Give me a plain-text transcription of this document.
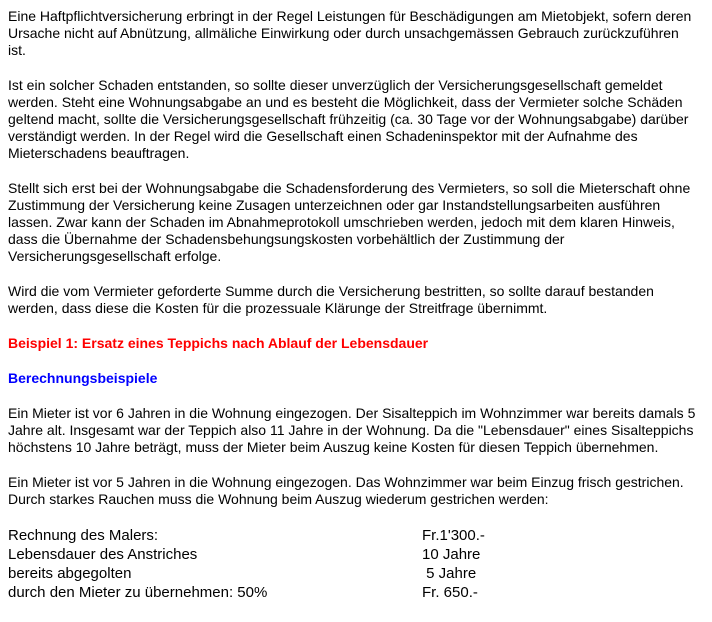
Eine Haftpflichtversicherung erbringt in der Regel Leistungen für Beschädigungen am Mietobjekt, sofern deren Ursache nicht auf Abnützung, allmäliche Einwirkung oder durch unsachgemässen Gebrauch zurückzuführen ist.

Ist ein solcher Schaden entstanden, so sollte dieser unverzüglich der Versicherungsgesellschaft gemeldet werden. Steht eine Wohnungsabgabe an und es besteht die Möglichkeit, dass der Vermieter solche Schäden geltend macht, sollte die Versicherungsgesellschaft frühzeitig (ca. 30 Tage vor der Wohnungsabgabe) darüber verständigt werden. In der Regel wird die Gesellschaft einen Schadeninspektor mit der Aufnahme des Mieterschadens beauftragen.

Stellt sich erst bei der Wohnungsabgabe die Schadensforderung des Vermieters, so soll die Mieterschaft ohne Zustimmung der Versicherung keine Zusagen unterzeichnen oder gar Instandstellungsarbeiten ausführen lassen. Zwar kann der Schaden im Abnahmeprotokoll umschrieben werden, jedoch mit dem klaren Hinweis, dass die Übernahme der Schadensbehungsungskosten vorbehältlich der Zustimmung der Versicherungsgesellschaft erfolge.

Wird die vom Vermieter geforderte Summe durch die Versicherung bestritten, so sollte darauf bestanden werden, dass diese die Kosten für die prozessuale Klärunge der Streitfrage übernimmt.

Beispiel 1: Ersatz eines Teppichs nach Ablauf der Lebensdauer
Berechnungsbeispiele

Ein Mieter ist vor 6 Jahren in die Wohnung eingezogen. Der Sisalteppich im Wohnzimmer war bereits damals 5 Jahre alt. Insgesamt war der Teppich also 11 Jahre in der Wohnung. Da die "Lebensdauer" eines Sisalteppichs höchstens 10 Jahre beträgt, muss der Mieter beim Auszug keine Kosten für diesen Teppich übernehmen.

Ein Mieter ist vor 5 Jahren in die Wohnung eingezogen. Das Wohnzimmer war beim Einzug frisch gestrichen. Durch starkes Rauchen muss die Wohnung beim Auszug wiederum gestrichen werden:

Rechnung des Malers:	Fr.1'300.-
Lebensdauer des Anstriches	10 Jahre
bereits abgegolten	5 Jahre
durch den Mieter zu übernehmen: 50%	Fr. 650.-
